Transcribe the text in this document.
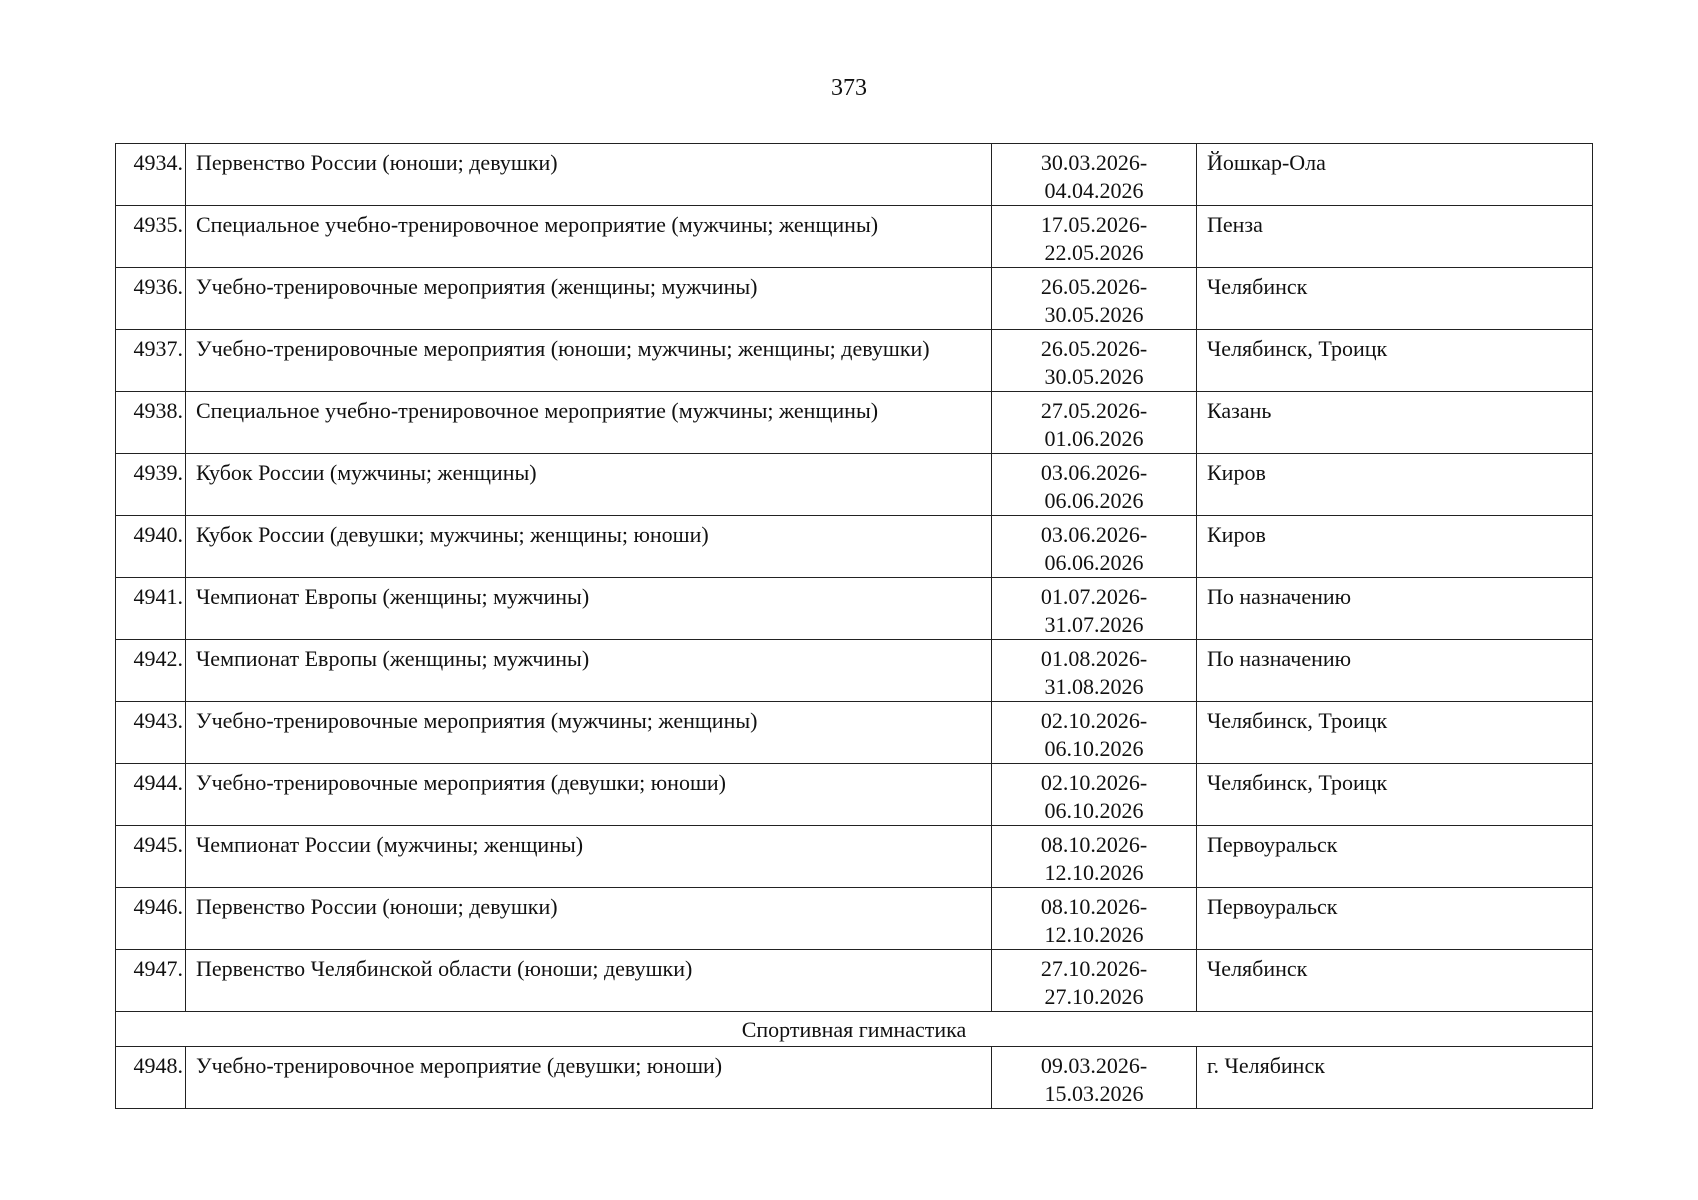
373
4934.	Первенство России (юноши; девушки)	30.03.2026-
04.04.2026	Йошкар-Ола
4935.	Специальное учебно-тренировочное мероприятие (мужчины; женщины)	17.05.2026-
22.05.2026	Пенза
4936.	Учебно-тренировочные мероприятия (женщины; мужчины)	26.05.2026-
30.05.2026	Челябинск
4937.	Учебно-тренировочные мероприятия (юноши; мужчины; женщины; девушки)	26.05.2026-
30.05.2026	Челябинск, Троицк
4938.	Специальное учебно-тренировочное мероприятие (мужчины; женщины)	27.05.2026-
01.06.2026	Казань
4939.	Кубок России (мужчины; женщины)	03.06.2026-
06.06.2026	Киров
4940.	Кубок России (девушки; мужчины; женщины; юноши)	03.06.2026-
06.06.2026	Киров
4941.	Чемпионат Европы (женщины; мужчины)	01.07.2026-
31.07.2026	По назначению
4942.	Чемпионат Европы (женщины; мужчины)	01.08.2026-
31.08.2026	По назначению
4943.	Учебно-тренировочные мероприятия (мужчины; женщины)	02.10.2026-
06.10.2026	Челябинск, Троицк
4944.	Учебно-тренировочные мероприятия (девушки; юноши)	02.10.2026-
06.10.2026	Челябинск, Троицк
4945.	Чемпионат России (мужчины; женщины)	08.10.2026-
12.10.2026	Первоуральск
4946.	Первенство России (юноши; девушки)	08.10.2026-
12.10.2026	Первоуральск
4947.	Первенство Челябинской области (юноши; девушки)	27.10.2026-
27.10.2026	Челябинск
Спортивная гимнастика			
4948.	Учебно-тренировочное мероприятие (девушки; юноши)	09.03.2026-
15.03.2026	г. Челябинск
